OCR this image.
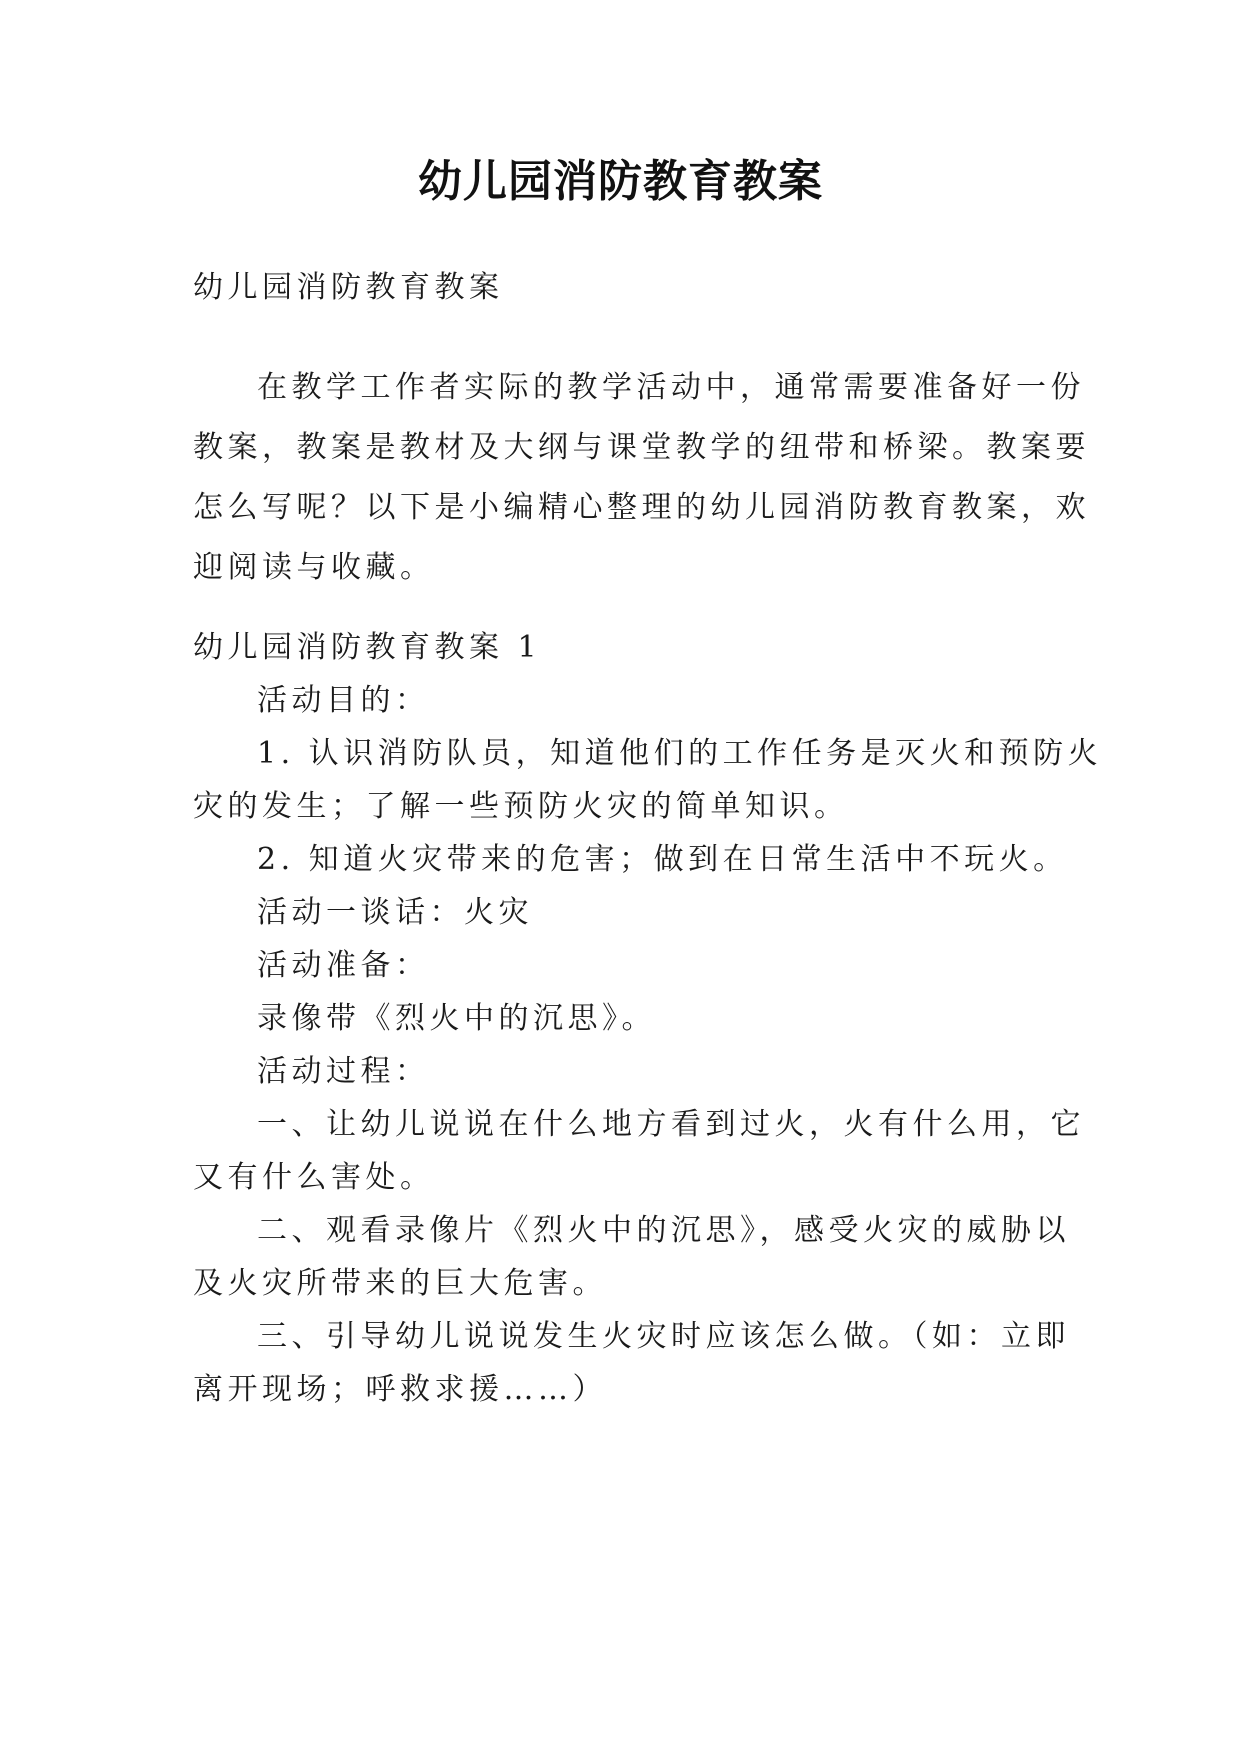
幼儿园消防教育教案
幼儿园消防教育教案
在教学工作者实际的教学活动中，通常需要准备好一份
教案，教案是教材及大纲与课堂教学的纽带和桥梁。教案要
怎么写呢？以下是小编精心整理的幼儿园消防教育教案，欢
迎阅读与收藏。
幼儿园消防教育教案 1
活动目的：
1. 认识消防队员，知道他们的工作任务是灭火和预防火
灾的发生；了解一些预防火灾的简单知识。
2. 知道火灾带来的危害；做到在日常生活中不玩火。
活动一谈话：火灾
活动准备：
录像带《烈火中的沉思》。
活动过程：
一、让幼儿说说在什么地方看到过火，火有什么用，它
又有什么害处。
二、观看录像片《烈火中的沉思》，感受火灾的威胁以
及火灾所带来的巨大危害。
三、引导幼儿说说发生火灾时应该怎么做。（如：立即
离开现场；呼救求援……）
